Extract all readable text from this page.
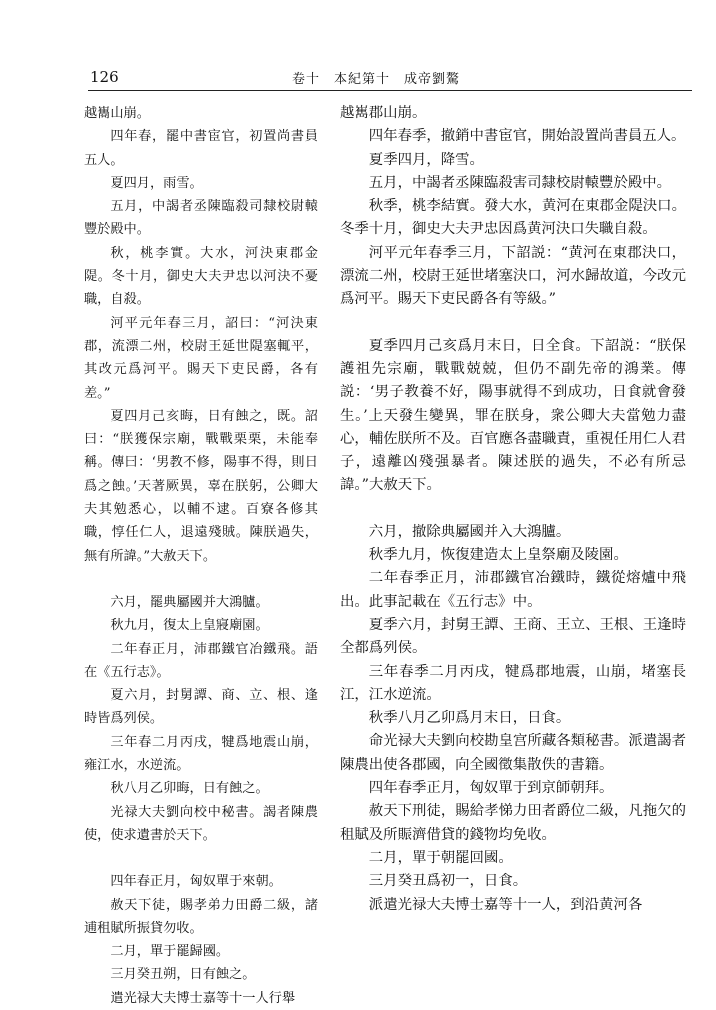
126	卷十　本紀第十　成帝劉驁

越巂山崩。

四年春，罷中書宦官，初置尚書員五人。

夏四月，雨雪。

五月，中謁者丞陳臨殺司隸校尉轅豐於殿中。

秋，桃李實。大水，河決東郡金隄。冬十月，御史大夫尹忠以河決不憂職，自殺。

河平元年春三月，詔曰：“河決東郡，流漂二州，校尉王延世隄塞輒平，其改元爲河平。賜天下吏民爵，各有差。”

夏四月己亥晦，日有蝕之，既。詔曰：“朕獲保宗廟，戰戰栗栗，未能奉稱。傳曰：‘男教不修，陽事不得，則日爲之蝕。’天著厥異，辜在朕躬，公卿大夫其勉悉心，以輔不逮。百寮各修其職，惇任仁人，退遠殘賊。陳朕過失，無有所諱。”大赦天下。

六月，罷典屬國并大鴻臚。

秋九月，復太上皇寢廟園。

二年春正月，沛郡鐵官冶鐵飛。語在《五行志》。

夏六月，封舅譚、商、立、根、逢時皆爲列侯。

三年春二月丙戌，犍爲地震山崩，雍江水，水逆流。

秋八月乙卯晦，日有蝕之。

光禄大夫劉向校中秘書。謁者陳農使，使求遺書於天下。

四年春正月，匈奴單于來朝。

赦天下徒，賜孝弟力田爵二級，諸逋租賦所振貸勿收。

二月，單于罷歸國。

三月癸丑朔，日有蝕之。

遣光禄大夫博士嘉等十一人行舉

越嶲郡山崩。

四年春季，撤銷中書宦官，開始設置尚書員五人。

夏季四月，降雪。

五月，中謁者丞陳臨殺害司隸校尉轅豐於殿中。

秋季，桃李結實。發大水，黄河在東郡金隄決口。冬季十月，御史大夫尹忠因爲黄河決口失職自殺。

河平元年春季三月，下詔説：“黄河在東郡決口，漂流二州，校尉王延世堵塞決口，河水歸故道，今改元爲河平。賜天下吏民爵各有等級。”

夏季四月己亥爲月末日，日全食。下詔説：“朕保護祖先宗廟，戰戰兢兢，但仍不副先帝的鴻業。傳説：‘男子教養不好，陽事就得不到成功，日食就會發生。’上天發生變異，罪在朕身，衆公卿大夫當勉力盡心，輔佐朕所不及。百官應各盡職責，重視任用仁人君子，遠離凶殘强暴者。陳述朕的過失，不必有所忌諱。”大赦天下。

六月，撤除典屬國并入大鴻臚。

秋季九月，恢復建造太上皇祭廟及陵園。

二年春季正月，沛郡鐵官冶鐵時，鐵從熔爐中飛出。此事記載在《五行志》中。

夏季六月，封舅王譚、王商、王立、王根、王逢時全都爲列侯。

三年春季二月丙戌，犍爲郡地震，山崩，堵塞長江，江水逆流。

秋季八月乙卯爲月末日，日食。

命光禄大夫劉向校勘皇宫所藏各類秘書。派遣謁者陳農出使各郡國，向全國徵集散佚的書籍。

四年春季正月，匈奴單于到京師朝拜。

赦天下刑徒，賜給孝悌力田者爵位二級，凡拖欠的租賦及所賑濟借貸的錢物均免收。

二月，單于朝罷回國。

三月癸丑爲初一，日食。

派遣光禄大夫博士嘉等十一人，到沿黄河各
